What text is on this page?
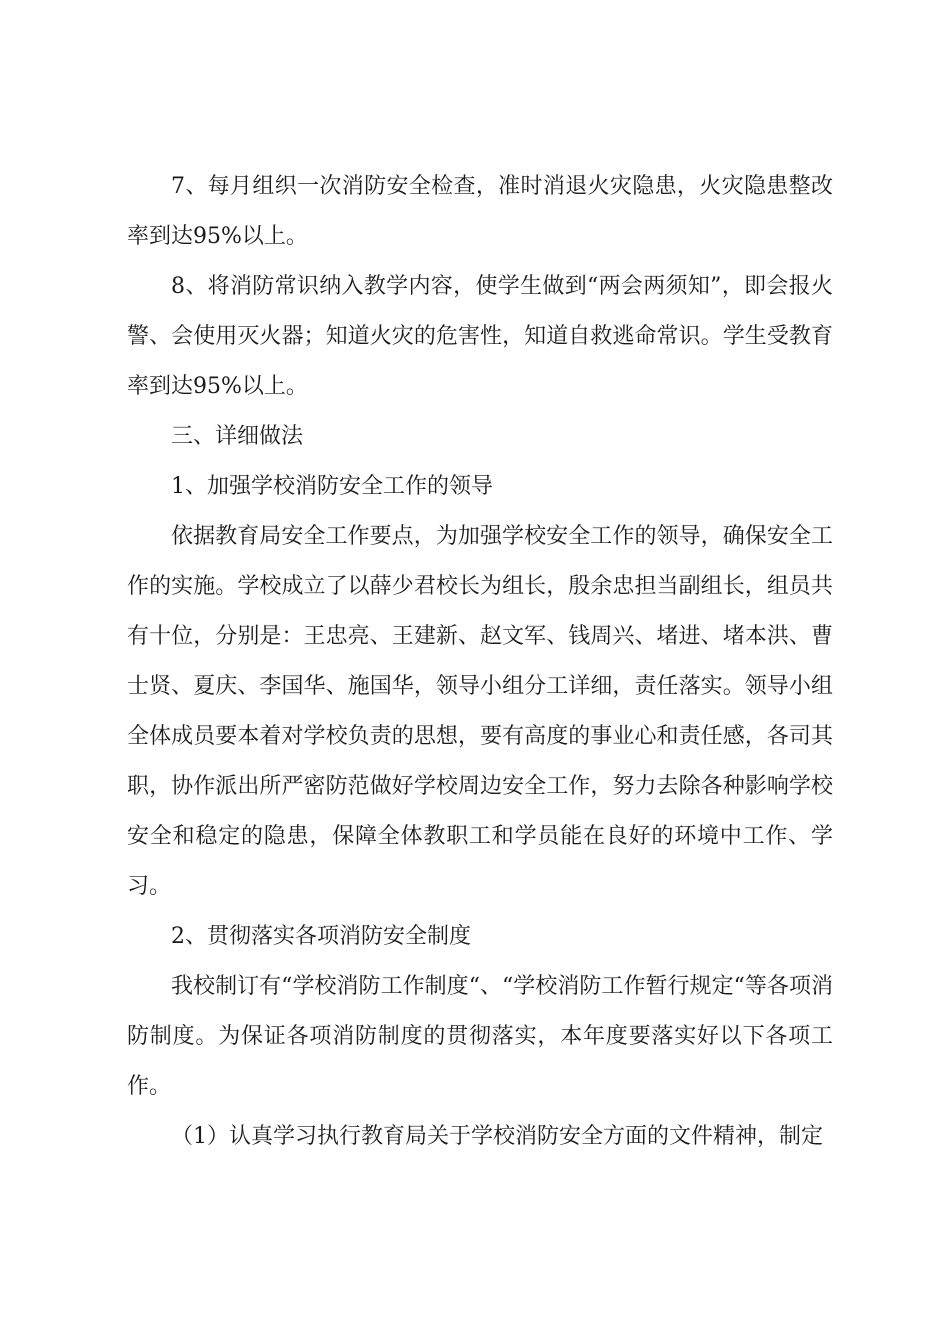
7、每月组织一次消防安全检查，准时消退火灾隐患，火灾隐患整改率到达95%以上。

8、将消防常识纳入教学内容，使学生做到“两会两须知”，即会报火警、会使用灭火器；知道火灾的危害性，知道自救逃命常识。学生受教育率到达95%以上。

三、详细做法

1、加强学校消防安全工作的领导

依据教育局安全工作要点，为加强学校安全工作的领导，确保安全工作的实施。学校成立了以薛少君校长为组长，殷余忠担当副组长，组员共有十位，分别是：王忠亮、王建新、赵文军、钱周兴、堵进、堵本洪、曹士贤、夏庆、李国华、施国华，领导小组分工详细，责任落实。领导小组全体成员要本着对学校负责的思想，要有高度的事业心和责任感，各司其职，协作派出所严密防范做好学校周边安全工作，努力去除各种影响学校安全和稳定的隐患，保障全体教职工和学员能在良好的环境中工作、学习。

2、贯彻落实各项消防安全制度

我校制订有“学校消防工作制度“、“学校消防工作暂行规定“等各项消防制度。为保证各项消防制度的贯彻落实，本年度要落实好以下各项工作。

（1）认真学习执行教育局关于学校消防安全方面的文件精神，制定
